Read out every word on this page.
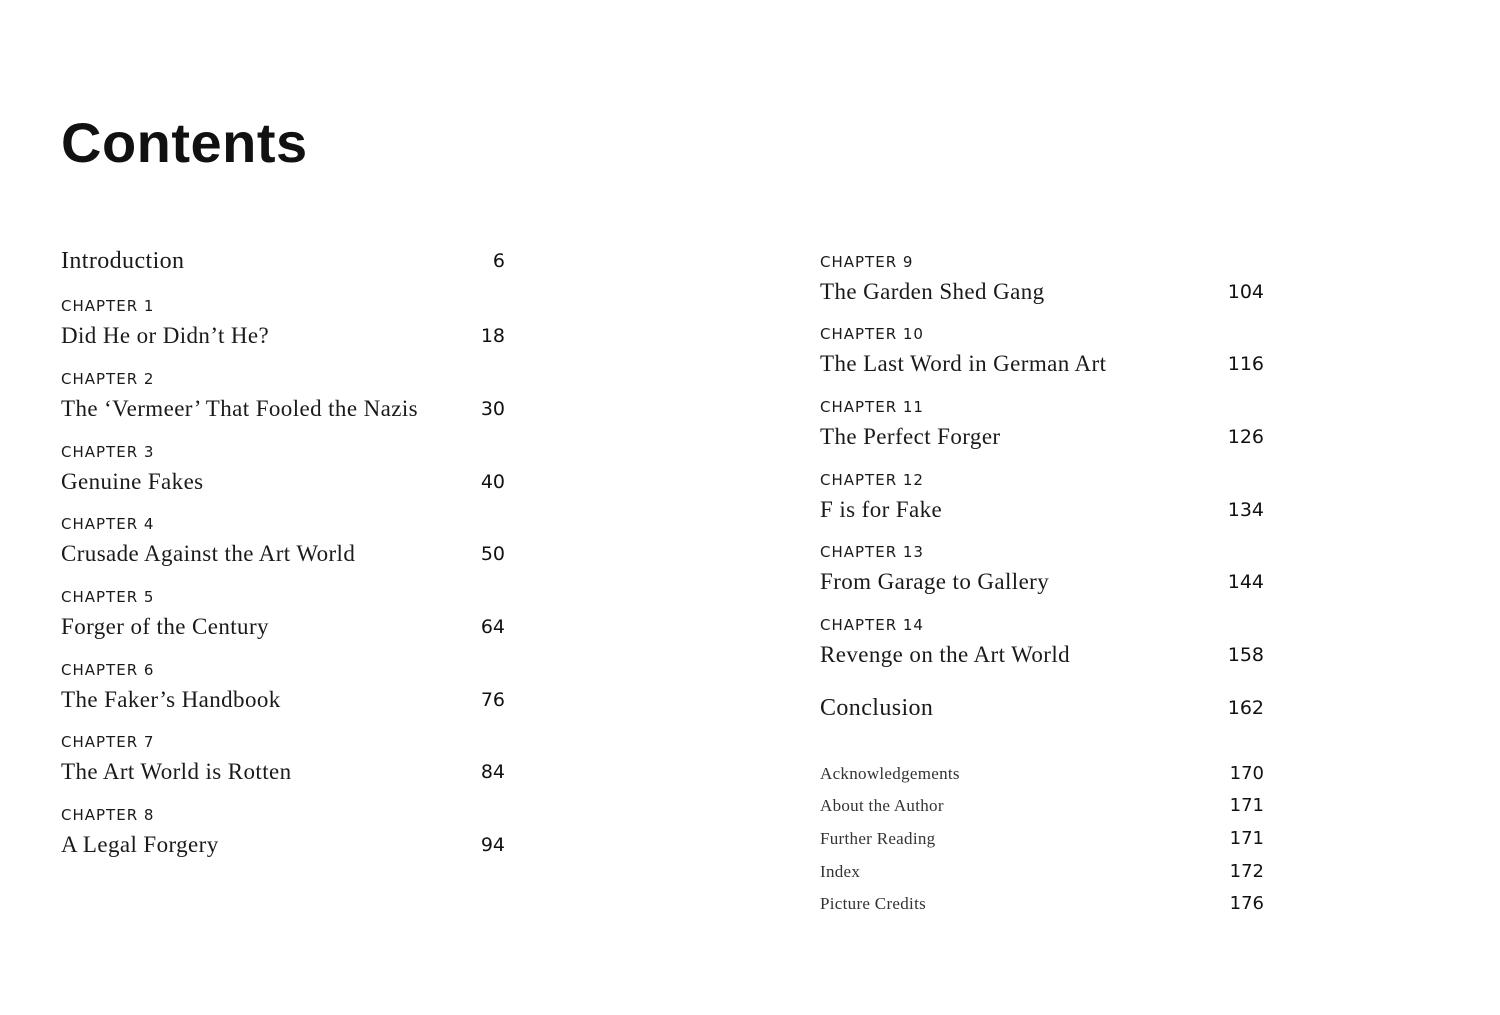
Contents
Introduction	6
CHAPTER 1
Did He or Didn’t He?	18
CHAPTER 2
The ‘Vermeer’ That Fooled the Nazis	30
CHAPTER 3
Genuine Fakes	40
CHAPTER 4
Crusade Against the Art World	50
CHAPTER 5
Forger of the Century	64
CHAPTER 6
The Faker’s Handbook	76
CHAPTER 7
The Art World is Rotten	84
CHAPTER 8
A Legal Forgery	94
CHAPTER 9
The Garden Shed Gang	104
CHAPTER 10
The Last Word in German Art	116
CHAPTER 11
The Perfect Forger	126
CHAPTER 12
F is for Fake	134
CHAPTER 13
From Garage to Gallery	144
CHAPTER 14
Revenge on the Art World	158
Conclusion	162
Acknowledgements	170
About the Author	171
Further Reading	171
Index	172
Picture Credits	176
